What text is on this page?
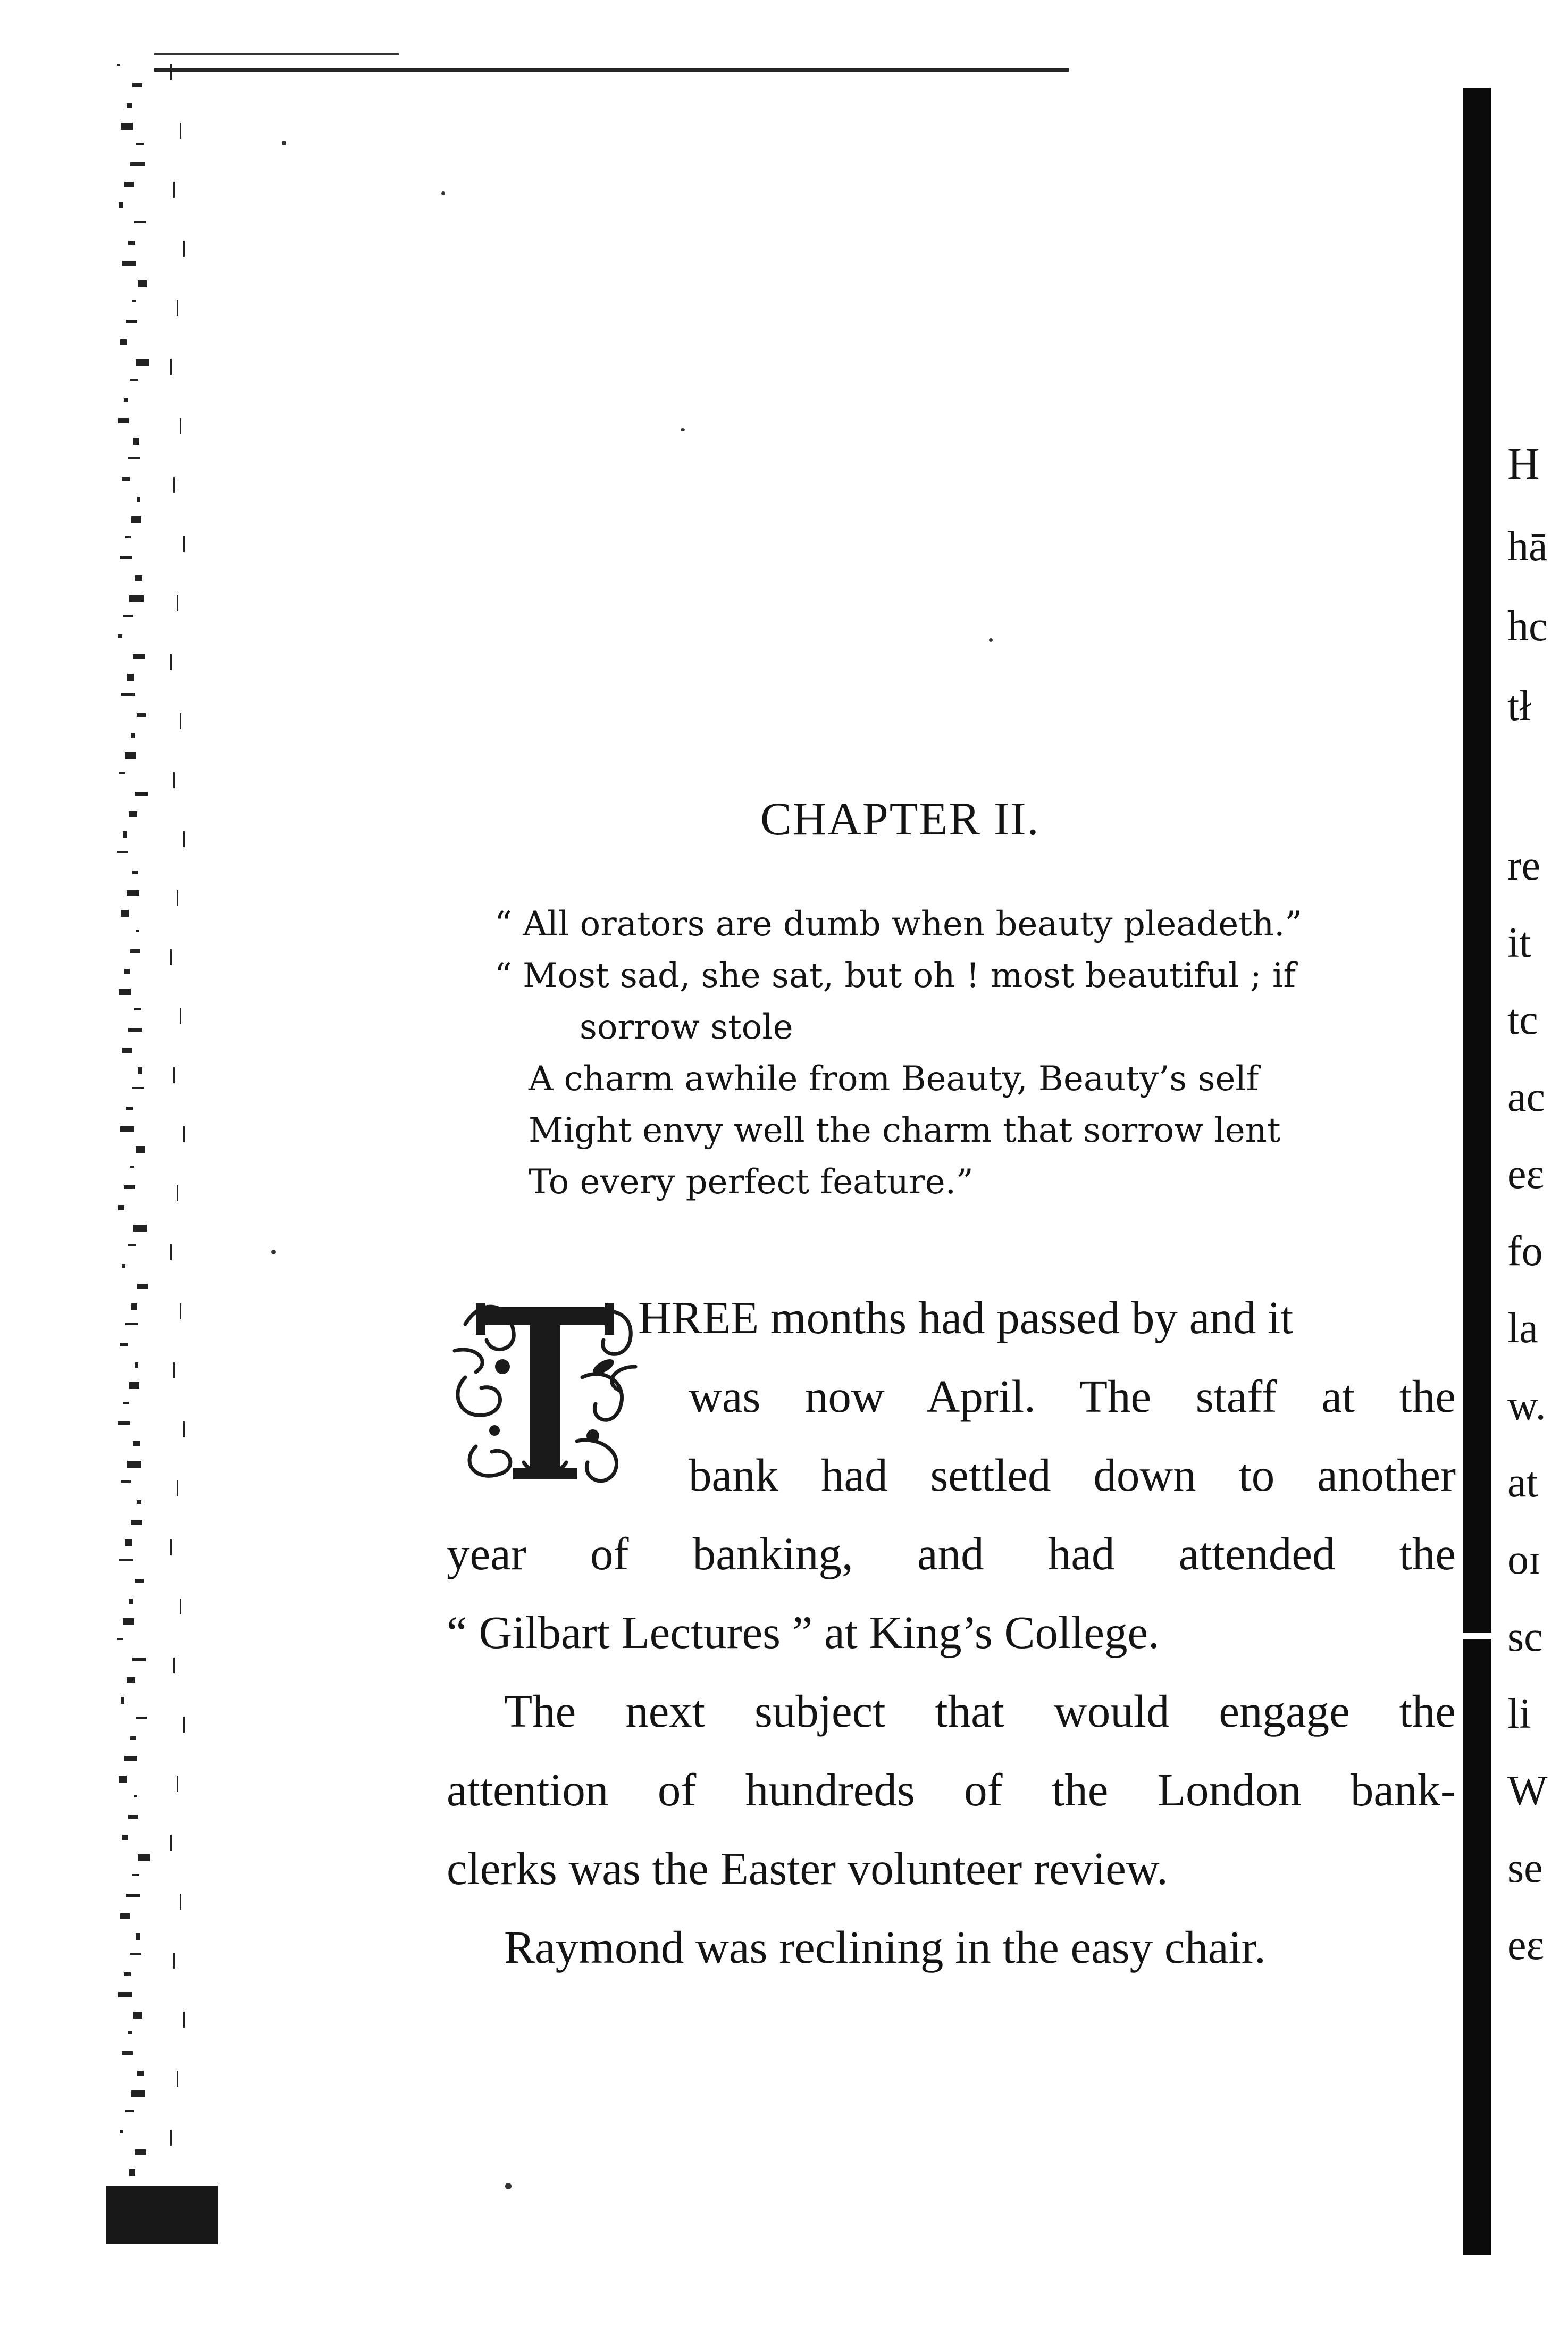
CHAPTER II.
“ All orators are dumb when beauty pleadeth.”
“ Most sad, she sat, but oh ! most beautiful ; if
sorrow stole
A charm awhile from Beauty, Beauty’s self
Might envy well the charm that sorrow lent
To every perfect feature.”
HREE months had passed by and it
was now April. The staff at the
bank had settled down to another
year of banking, and had attended the
“ Gilbart Lectures ” at King’s College.
The next subject that would engage the
attention of hundreds of the London bank-
clerks was the Easter volunteer review.
Raymond was reclining in the easy chair.
H
hā
hc
tł
re
it
tc
ac
eɛ
fo
la
w.
at
oɪ
sc
li
W
se
eɛ
